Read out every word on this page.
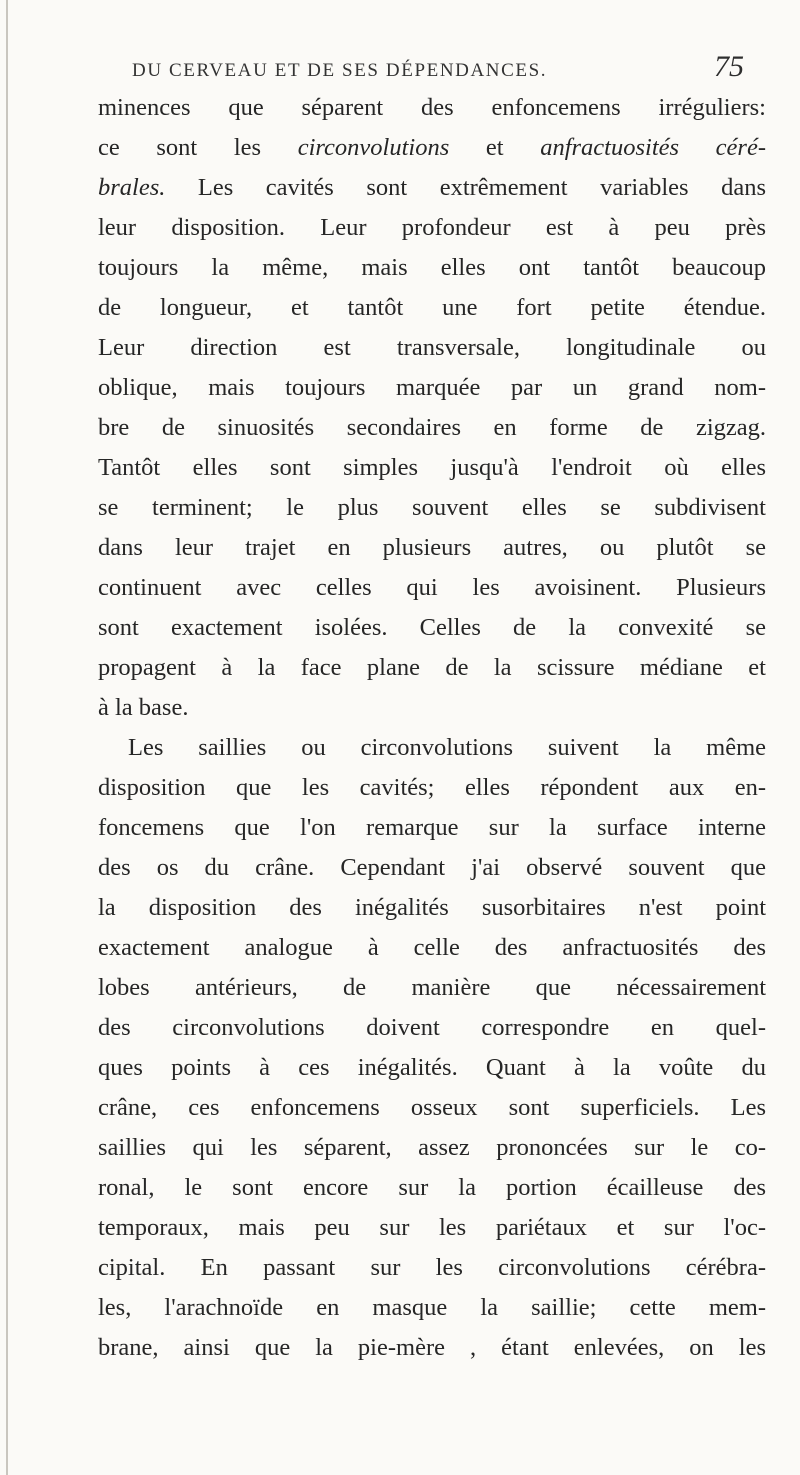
DU CERVEAU ET DE SES DÉPENDANCES.	75
minences que séparent des enfoncemens irréguliers:
ce sont les circonvolutions et anfractuosités céré-
brales. Les cavités sont extrêmement variables dans
leur disposition. Leur profondeur est à peu près
toujours la même, mais elles ont tantôt beaucoup
de longueur, et tantôt une fort petite étendue.
Leur direction est transversale, longitudinale ou
oblique, mais toujours marquée par un grand nom-
bre de sinuosités secondaires en forme de zigzag.
Tantôt elles sont simples jusqu'à l'endroit où elles
se terminent; le plus souvent elles se subdivisent
dans leur trajet en plusieurs autres, ou plutôt se
continuent avec celles qui les avoisinent. Plusieurs
sont exactement isolées. Celles de la convexité se
propagent à la face plane de la scissure médiane et
à la base.
Les saillies ou circonvolutions suivent la même
disposition que les cavités; elles répondent aux en-
foncemens que l'on remarque sur la surface interne
des os du crâne. Cependant j'ai observé souvent que
la disposition des inégalités susorbitaires n'est point
exactement analogue à celle des anfractuosités des
lobes antérieurs, de manière que nécessairement
des circonvolutions doivent correspondre en quel-
ques points à ces inégalités. Quant à la voûte du
crâne, ces enfoncemens osseux sont superficiels. Les
saillies qui les séparent, assez prononcées sur le co-
ronal, le sont encore sur la portion écailleuse des
temporaux, mais peu sur les pariétaux et sur l'oc-
cipital. En passant sur les circonvolutions cérébra-
les, l'arachnoïde en masque la saillie; cette mem-
brane, ainsi que la pie-mère , étant enlevées, on les
